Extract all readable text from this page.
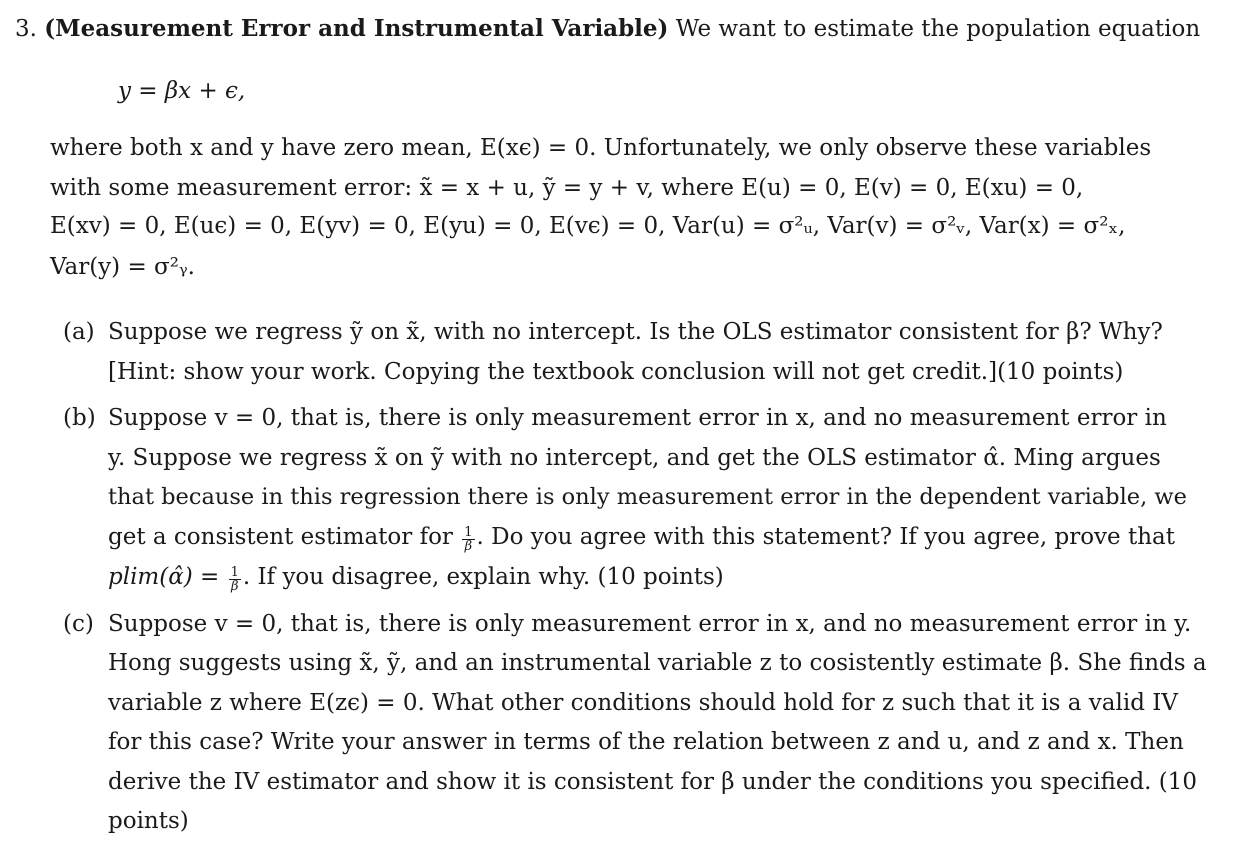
3. (Measurement Error and Instrumental Variable) We want to estimate the population equation
y = βx + ϵ,
where both x and y have zero mean, E(xϵ) = 0. Unfortunately, we only observe these variables
with some measurement error: x̃ = x + u, ỹ = y + v, where E(u) = 0, E(v) = 0, E(xu) = 0,
E(xv) = 0, E(uϵ) = 0, E(yv) = 0, E(yu) = 0, E(vϵ) = 0, Var(u) = σ²ᵤ, Var(v) = σ²ᵥ, Var(x) = σ²ₓ,
Var(y) = σ²ᵧ.
(a) Suppose we regress ỹ on x̃, with no intercept. Is the OLS estimator consistent for β? Why?
[Hint: show your work. Copying the textbook conclusion will not get credit.](10 points)
(b) Suppose v = 0, that is, there is only measurement error in x, and no measurement error in
y. Suppose we regress x̃ on ỹ with no intercept, and get the OLS estimator α̂. Ming argues
that because in this regression there is only measurement error in the dependent variable, we
get a consistent estimator for $\frac{1}{\beta}$ . Do you agree with this statement? If you agree, prove that
plim(α̂) = $\frac{1}{\beta}$ . If you disagree, explain why. (10 points)
(c) Suppose v = 0, that is, there is only measurement error in x, and no measurement error in y.
Hong suggests using x̃, ỹ, and an instrumental variable z to cosistently estimate β. She finds a
variable z where E(zϵ) = 0. What other conditions should hold for z such that it is a valid IV
for this case? Write your answer in terms of the relation between z and u, and z and x. Then
derive the IV estimator and show it is consistent for β under the conditions you specified. (10
points)
